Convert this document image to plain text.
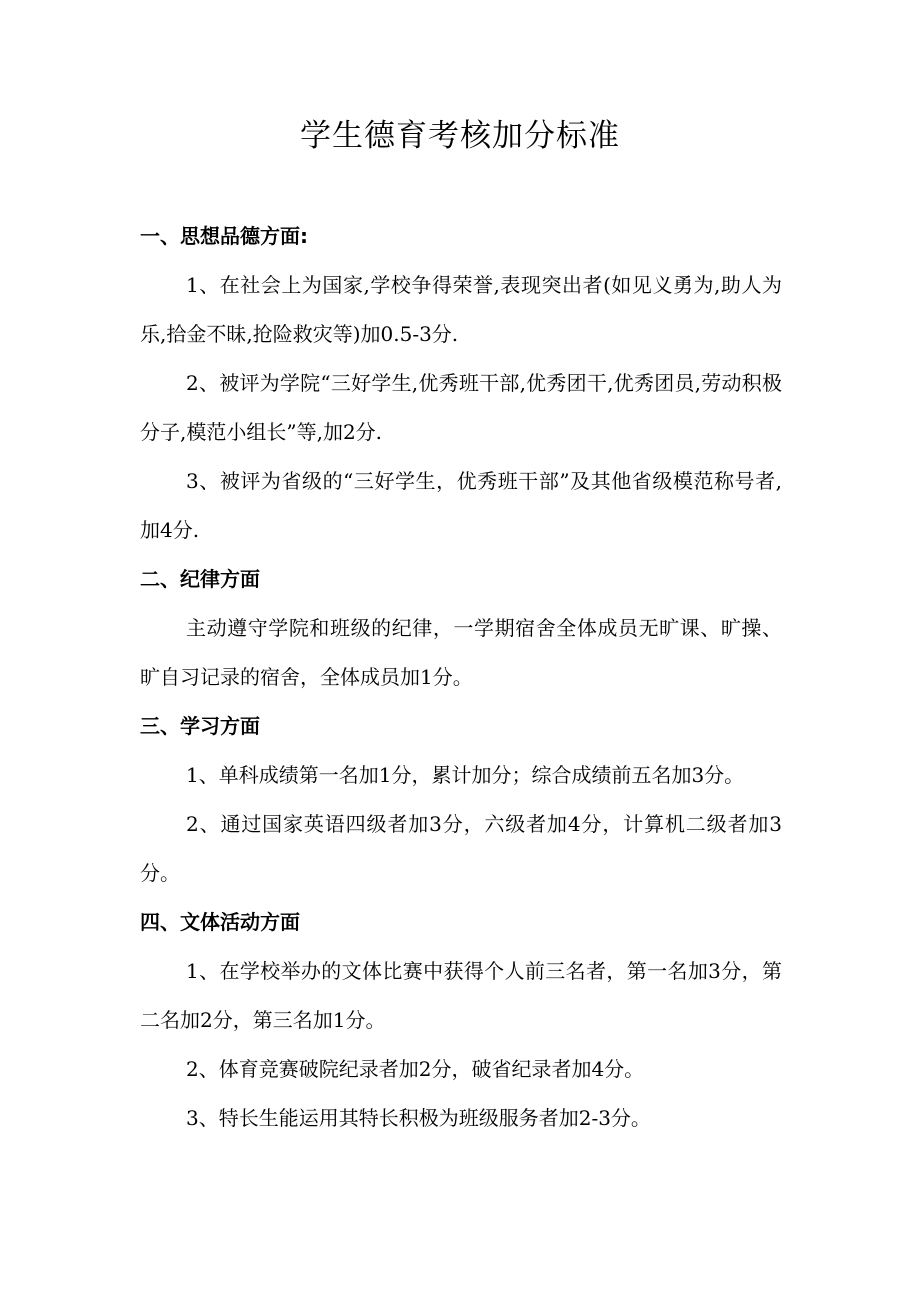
学生德育考核加分标准

一、思想品德方面:

1、在社会上为国家,学校争得荣誉,表现突出者(如见义勇为,助人为乐,拾金不昧,抢险救灾等)加0.5-3分.

2、被评为学院“三好学生,优秀班干部,优秀团干,优秀团员,劳动积极分子,模范小组长”等,加2分.

3、被评为省级的“三好学生，优秀班干部”及其他省级模范称号者,加4分.

二、纪律方面

主动遵守学院和班级的纪律，一学期宿舍全体成员无旷课、旷操、旷自习记录的宿舍，全体成员加1分。

三、学习方面

1、单科成绩第一名加1分，累计加分；综合成绩前五名加3分。

2、通过国家英语四级者加3分，六级者加4分，计算机二级者加3分。

四、文体活动方面

1、在学校举办的文体比赛中获得个人前三名者，第一名加3分，第二名加2分，第三名加1分。

2、体育竞赛破院纪录者加2分，破省纪录者加4分。

3、特长生能运用其特长积极为班级服务者加2-3分。
